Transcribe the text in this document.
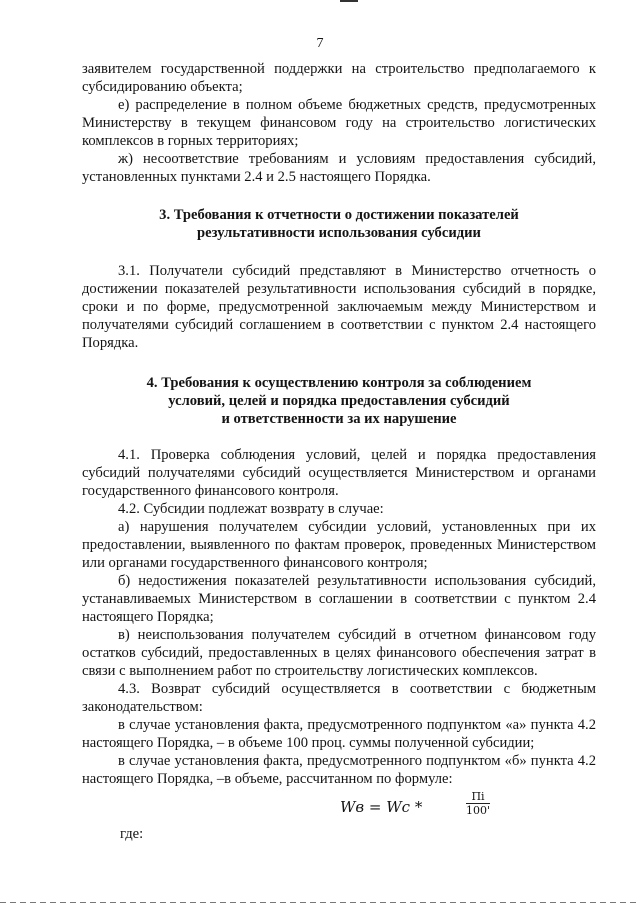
7

заявителем государственной поддержки на строительство предполагаемого к субсидированию объекта;

е) распределение в полном объеме бюджетных средств, предусмотренных Министерству в текущем финансовом году на строительство логистических комплексов в горных территориях;

ж) несоответствие требованиям и условиям предоставления субсидий, установленных пунктами 2.4 и 2.5 настоящего Порядка.

3. Требования к отчетности о достижении показателей
результативности использования субсидии

3.1. Получатели субсидий представляют в Министерство отчетность о достижении показателей результативности использования субсидий в порядке, сроки и по форме, предусмотренной заключаемым между Министерством и получателями субсидий соглашением в соответствии с пунктом 2.4 настоящего Порядка.

4. Требования к осуществлению контроля за соблюдением
условий, целей и порядка предоставления субсидий
и ответственности за их нарушение

4.1. Проверка соблюдения условий, целей и порядка предоставления субсидий получателями субсидий осуществляется Министерством и органами государственного финансового контроля.

4.2. Субсидии подлежат возврату в случае:

а) нарушения получателем субсидии условий, установленных при их предоставлении, выявленного по фактам проверок, проведенных Министерством или органами государственного финансового контроля;

б) недостижения показателей результативности использования субсидий, устанавливаемых Министерством в соглашении в соответствии с пунктом 2.4 настоящего Порядка;

в) неиспользования получателем субсидий в отчетном финансовом году остатков субсидий, предоставленных в целях финансового обеспечения затрат в связи с выполнением работ по строительству логистических комплексов.

4.3. Возврат субсидий осуществляется в соответствии с бюджетным законодательством:

в случае установления факта, предусмотренного подпунктом «а» пункта 4.2 настоящего Порядка, – в объеме 100 проц. суммы полученной субсидии;

в случае установления факта, предусмотренного подпунктом «б» пункта 4.2 настоящего Порядка, –в объеме, рассчитанном по формуле:

Wв = Wc *
Пi
100'
где:
